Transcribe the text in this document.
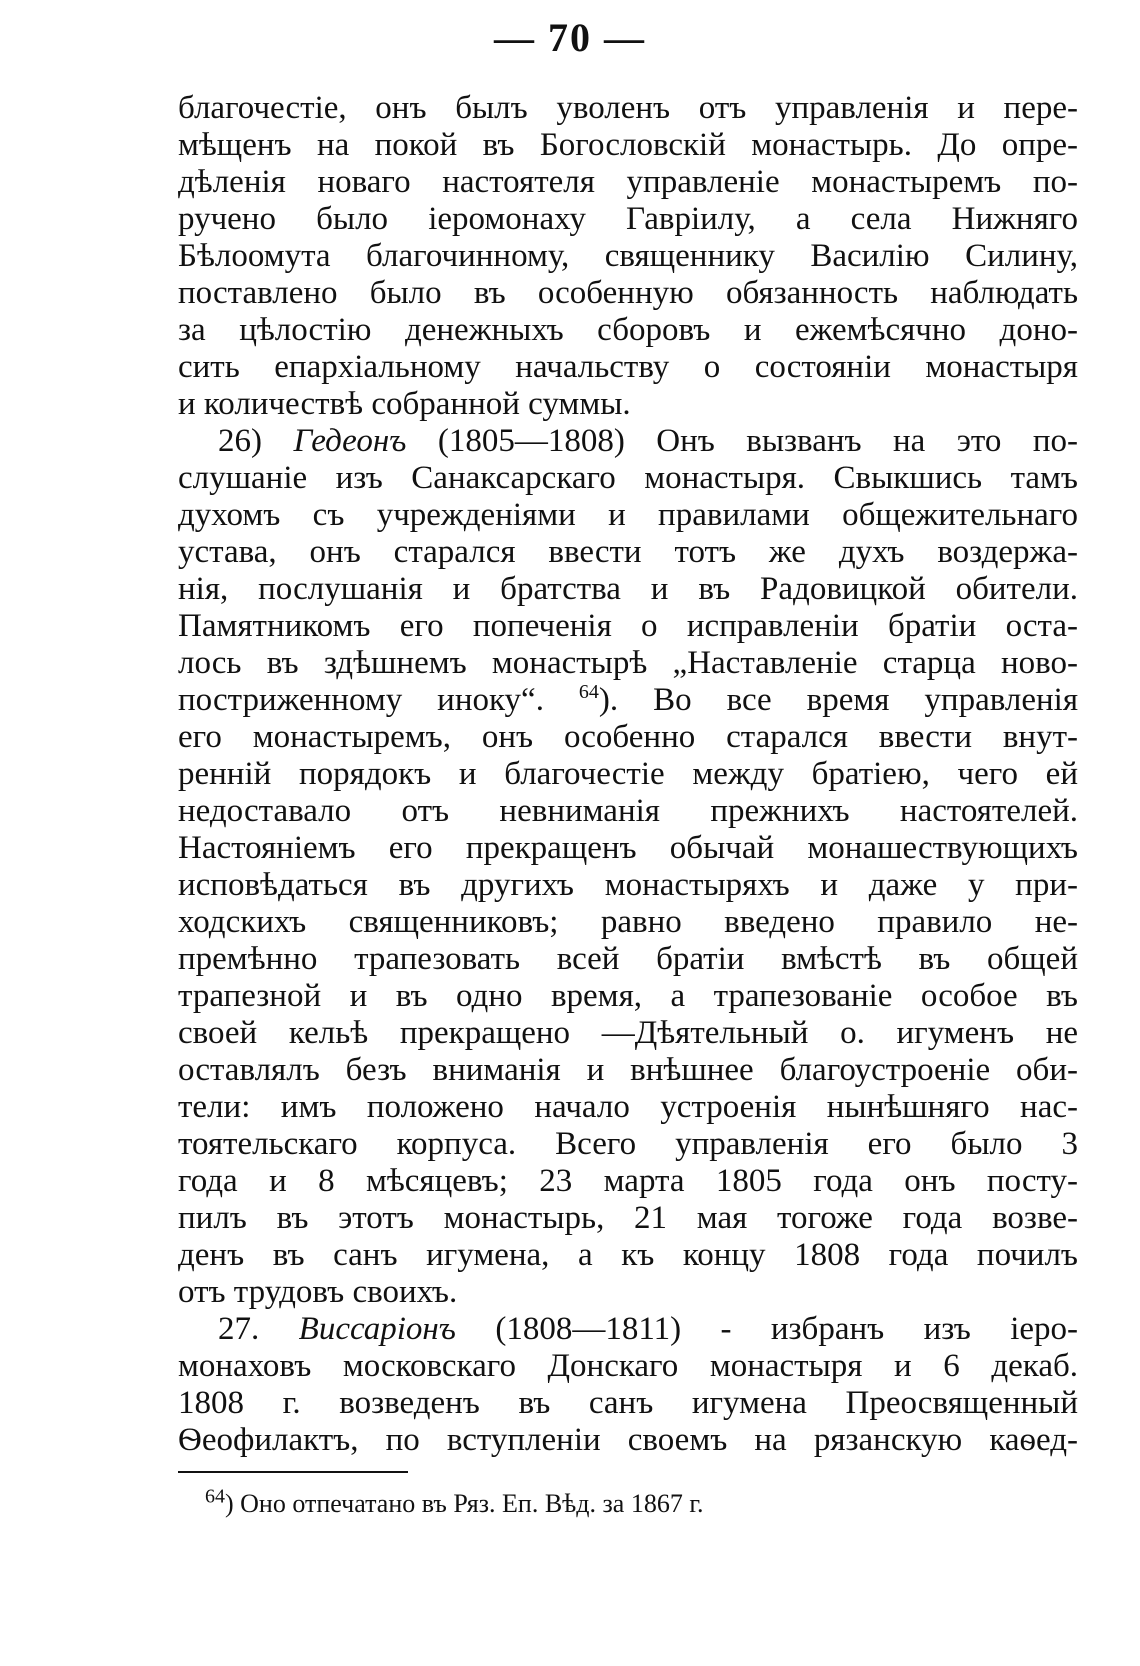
— 70 —
благочестіе, онъ былъ уволенъ отъ управленія и пере-
мѣщенъ на покой въ Богословскій монастырь. До опре-
дѣленія новаго настоятеля управленіе монастыремъ по-
ручено было іеромонаху Гавріилу, а села Нижняго
Бѣлоомута благочинному, священнику Василію Силину,
поставлено было въ особенную обязанность наблюдать
за цѣлостію денежныхъ сборовъ и ежемѣсячно доно-
сить епархіальному начальству о состояніи монастыря
и количествѣ собранной суммы.
26) Гедеонъ (1805—1808) Онъ вызванъ на это по-
слушаніе изъ Санаксарскаго монастыря. Свыкшись тамъ
духомъ съ учрежденіями и правилами общежительнаго
устава, онъ старался ввести тотъ же духъ воздержа-
нія, послушанія и братства и въ Радовицкой обители.
Памятникомъ его попеченія о исправленіи братіи оста-
лось въ здѣшнемъ монастырѣ „Наставленіе старца ново-
постриженному иноку“. $^{64}$). Во все время управленія
его монастыремъ, онъ особенно старался ввести внут-
ренній порядокъ и благочестіе между братіею, чего ей
недоставало отъ невниманія прежнихъ настоятелей.
Настояніемъ его прекращенъ обычай монашествующихъ
исповѣдаться въ другихъ монастыряхъ и даже у при-
ходскихъ священниковъ; равно введено правило не-
премѣнно трапезовать всей братіи вмѣстѣ въ общей
трапезной и въ одно время, а трапезованіе особое въ
своей кельѣ прекращено —Дѣятельный о. игуменъ не
оставлялъ безъ вниманія и внѣшнее благоустроеніе оби-
тели: имъ положено начало устроенія нынѣшняго нас-
тоятельскаго корпуса. Всего управленія его было 3
года и 8 мѣсяцевъ; 23 марта 1805 года онъ посту-
пилъ въ этотъ монастырь, 21 мая тогоже года возве-
денъ въ санъ игумена, а къ концу 1808 года почилъ
отъ трудовъ своихъ.
27. Виссаріонъ (1808—1811) - избранъ изъ іеро-
монаховъ московскаго Донскаго монастыря и 6 декаб.
1808 г. возведенъ въ санъ игумена Преосвященный
Ѳеофилактъ, по вступленіи своемъ на рязанскую каѳед-
$^{64}$) Оно отпечатано въ Ряз. Еп. Вѣд. за 1867 г.
